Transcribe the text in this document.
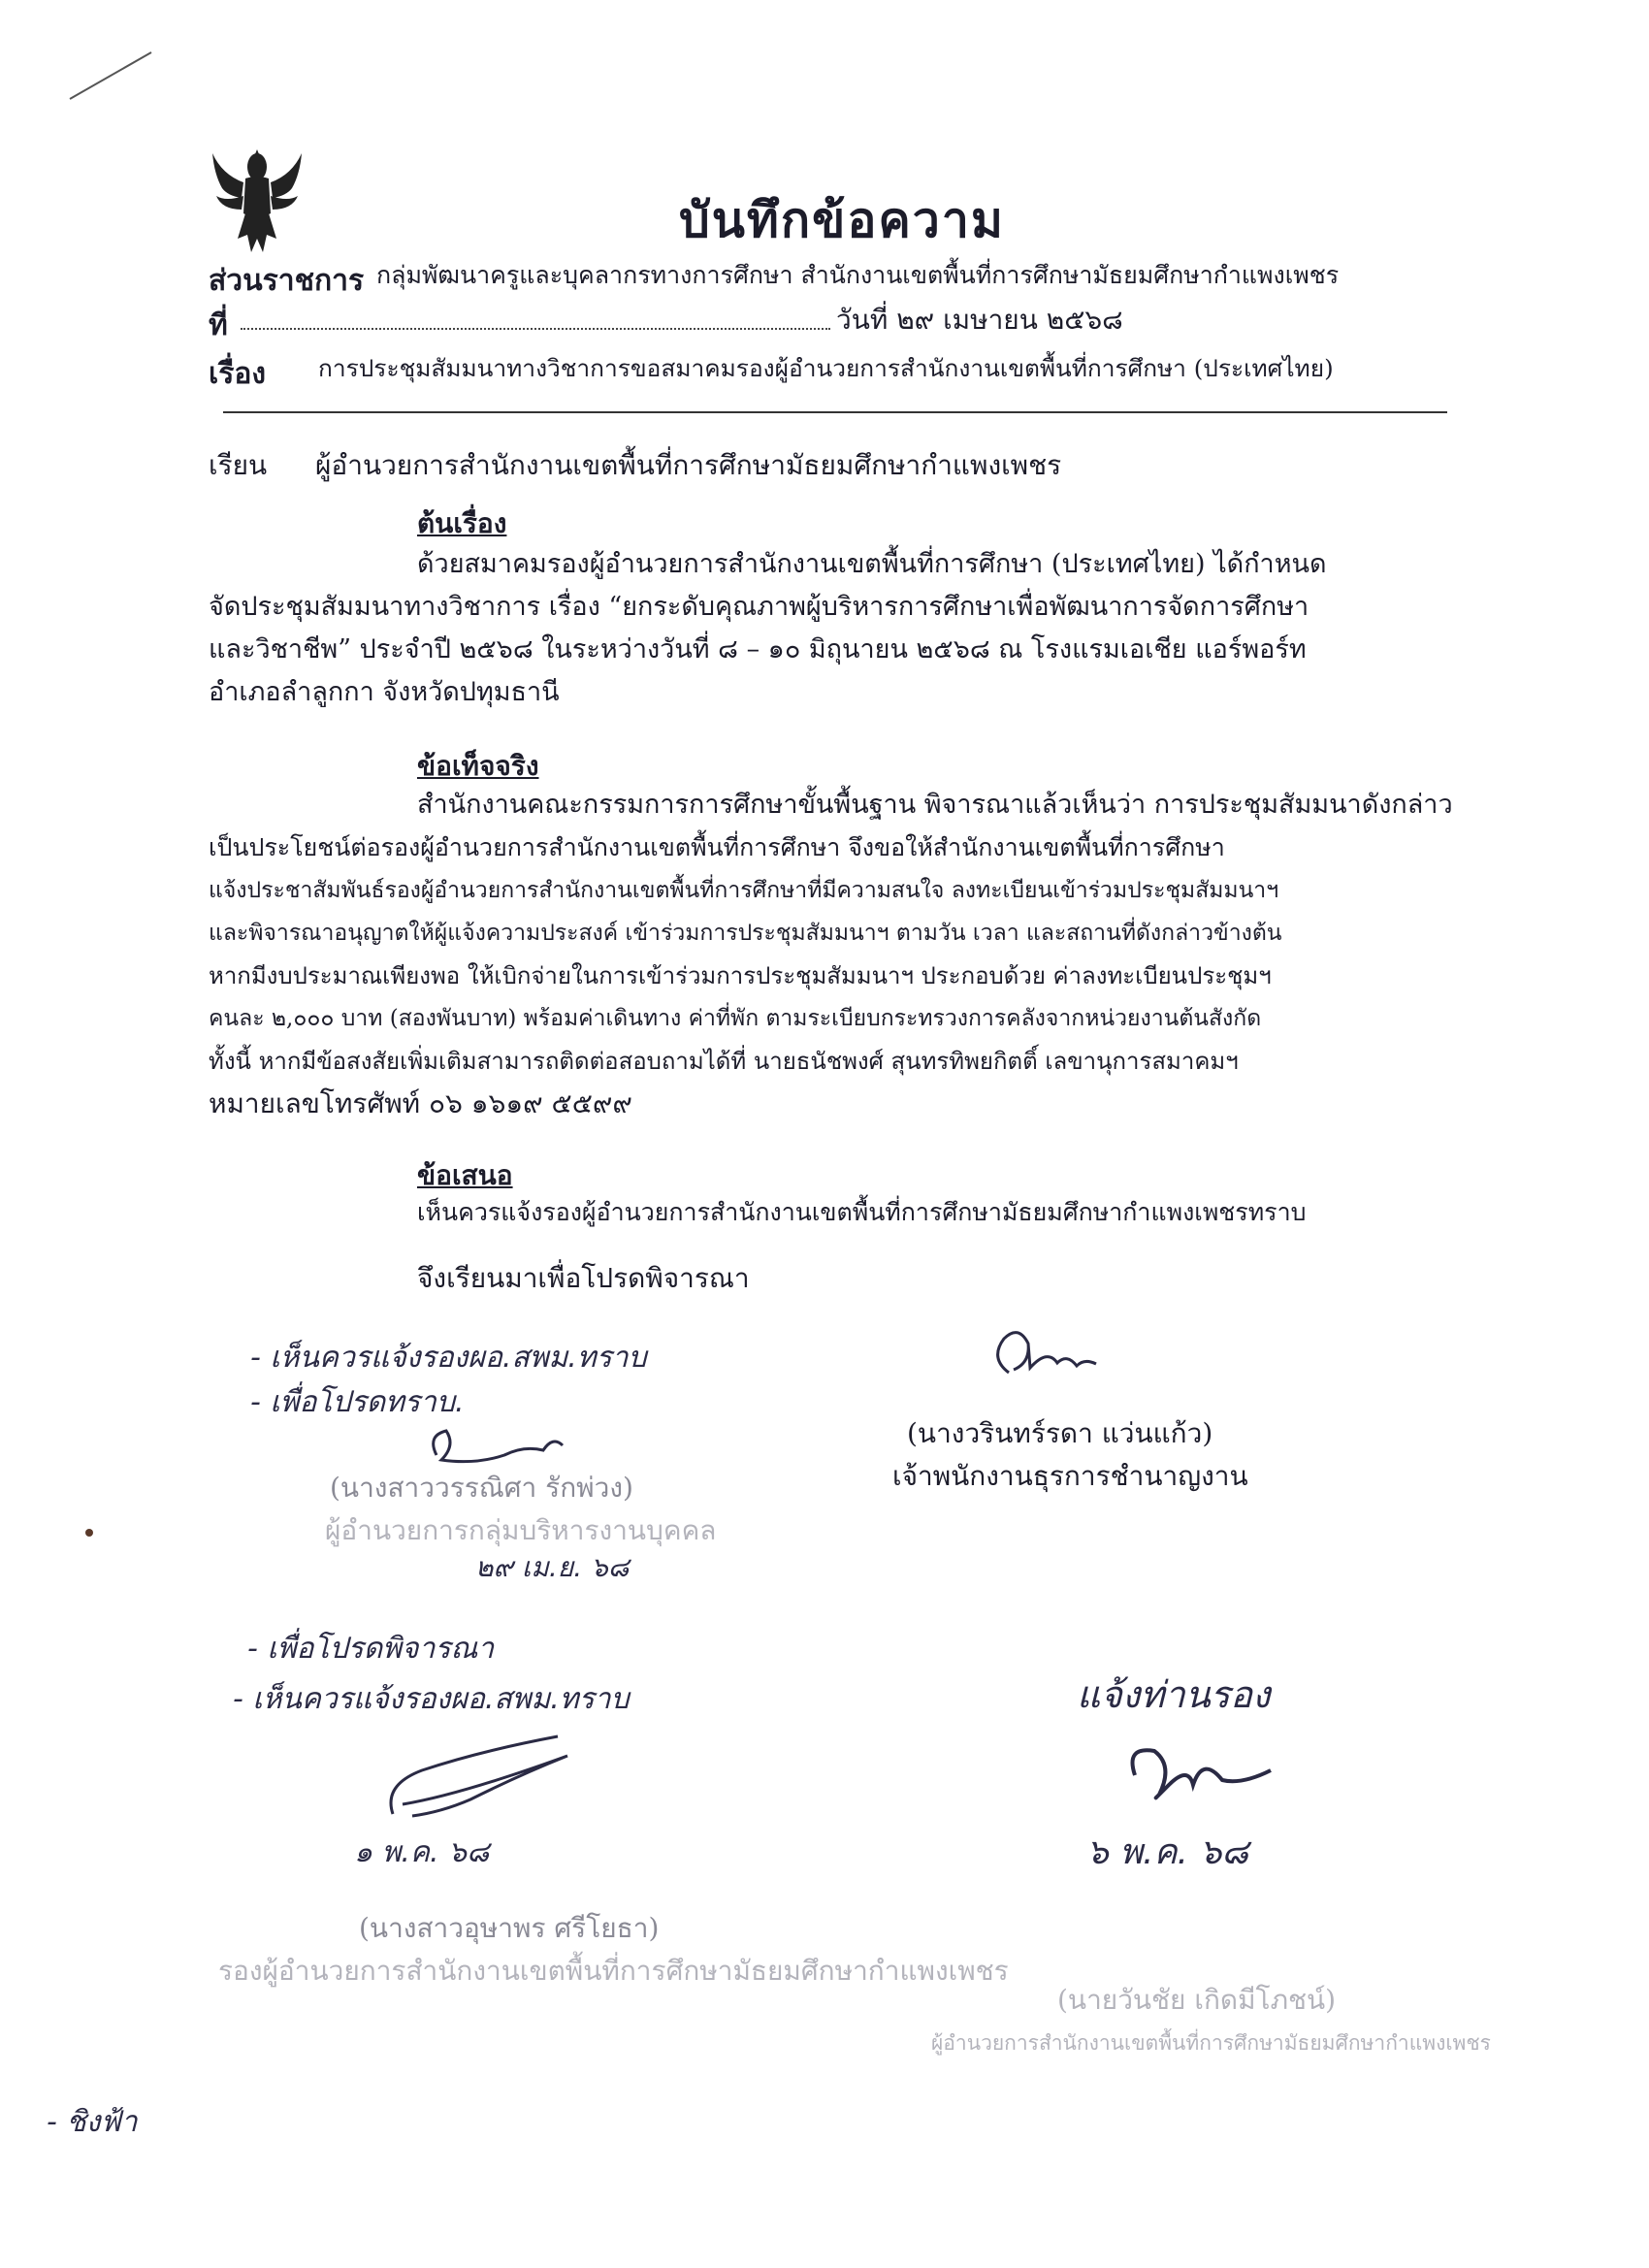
บันทึกข้อความ
ส่วนราชการ กลุ่มพัฒนาครูและบุคลากรทางการศึกษา สำนักงานเขตพื้นที่การศึกษามัธยมศึกษากำแพงเพชร
ที่	วันที่ ๒๙ เมษายน ๒๕๖๘
เรื่อง การประชุมสัมมนาทางวิชาการขอสมาคมรองผู้อำนวยการสำนักงานเขตพื้นที่การศึกษา (ประเทศไทย)
เรียน ผู้อำนวยการสำนักงานเขตพื้นที่การศึกษามัธยมศึกษากำแพงเพชร
ต้นเรื่อง
ด้วยสมาคมรองผู้อำนวยการสำนักงานเขตพื้นที่การศึกษา (ประเทศไทย) ได้กำหนด
จัดประชุมสัมมนาทางวิชาการ เรื่อง “ยกระดับคุณภาพผู้บริหารการศึกษาเพื่อพัฒนาการจัดการศึกษา
และวิชาชีพ” ประจำปี ๒๕๖๘ ในระหว่างวันที่ ๘ – ๑๐ มิถุนายน ๒๕๖๘ ณ โรงแรมเอเชีย แอร์พอร์ท
อำเภอลำลูกกา จังหวัดปทุมธานี
ข้อเท็จจริง
สำนักงานคณะกรรมการการศึกษาขั้นพื้นฐาน พิจารณาแล้วเห็นว่า การประชุมสัมมนาดังกล่าว
เป็นประโยชน์ต่อรองผู้อำนวยการสำนักงานเขตพื้นที่การศึกษา จึงขอให้สำนักงานเขตพื้นที่การศึกษา
แจ้งประชาสัมพันธ์รองผู้อำนวยการสำนักงานเขตพื้นที่การศึกษาที่มีความสนใจ ลงทะเบียนเข้าร่วมประชุมสัมมนาฯ
และพิจารณาอนุญาตให้ผู้แจ้งความประสงค์ เข้าร่วมการประชุมสัมมนาฯ ตามวัน เวลา และสถานที่ดังกล่าวข้างต้น
หากมีงบประมาณเพียงพอ ให้เบิกจ่ายในการเข้าร่วมการประชุมสัมมนาฯ ประกอบด้วย ค่าลงทะเบียนประชุมฯ
คนละ ๒,๐๐๐ บาท (สองพันบาท) พร้อมค่าเดินทาง ค่าที่พัก ตามระเบียบกระทรวงการคลังจากหน่วยงานต้นสังกัด
ทั้งนี้ หากมีข้อสงสัยเพิ่มเติมสามารถติดต่อสอบถามได้ที่ นายธนัชพงศ์ สุนทรทิพยกิตติ์ เลขานุการสมาคมฯ
หมายเลขโทรศัพท์ ๐๖ ๑๖๑๙ ๕๕๙๙
ข้อเสนอ
เห็นควรแจ้งรองผู้อำนวยการสำนักงานเขตพื้นที่การศึกษามัธยมศึกษากำแพงเพชรทราบ
จึงเรียนมาเพื่อโปรดพิจารณา
(นางวรินทร์รดา แว่นแก้ว)
เจ้าพนักงานธุรการชำนาญงาน
- เห็นควรแจ้งรองผอ.สพม.ทราบ
- เพื่อโปรดทราบ.
(นางสาววรรณิศา รักพ่วง)
ผู้อำนวยการกลุ่มบริหารงานบุคคล
๒๙ เม.ย. ๖๘
- เพื่อโปรดพิจารณา
- เห็นควรแจ้งรองผอ.สพม.ทราบ
๑ พ.ค. ๖๘
(นางสาวอุษาพร ศรีโยธา)
รองผู้อำนวยการสำนักงานเขตพื้นที่การศึกษามัธยมศึกษากำแพงเพชร
แจ้งท่านรอง
๖ พ.ค. ๖๘
(นายวันชัย เกิดมีโภชน์)
ผู้อำนวยการสำนักงานเขตพื้นที่การศึกษามัธยมศึกษากำแพงเพชร
- ชิงฟ้า
